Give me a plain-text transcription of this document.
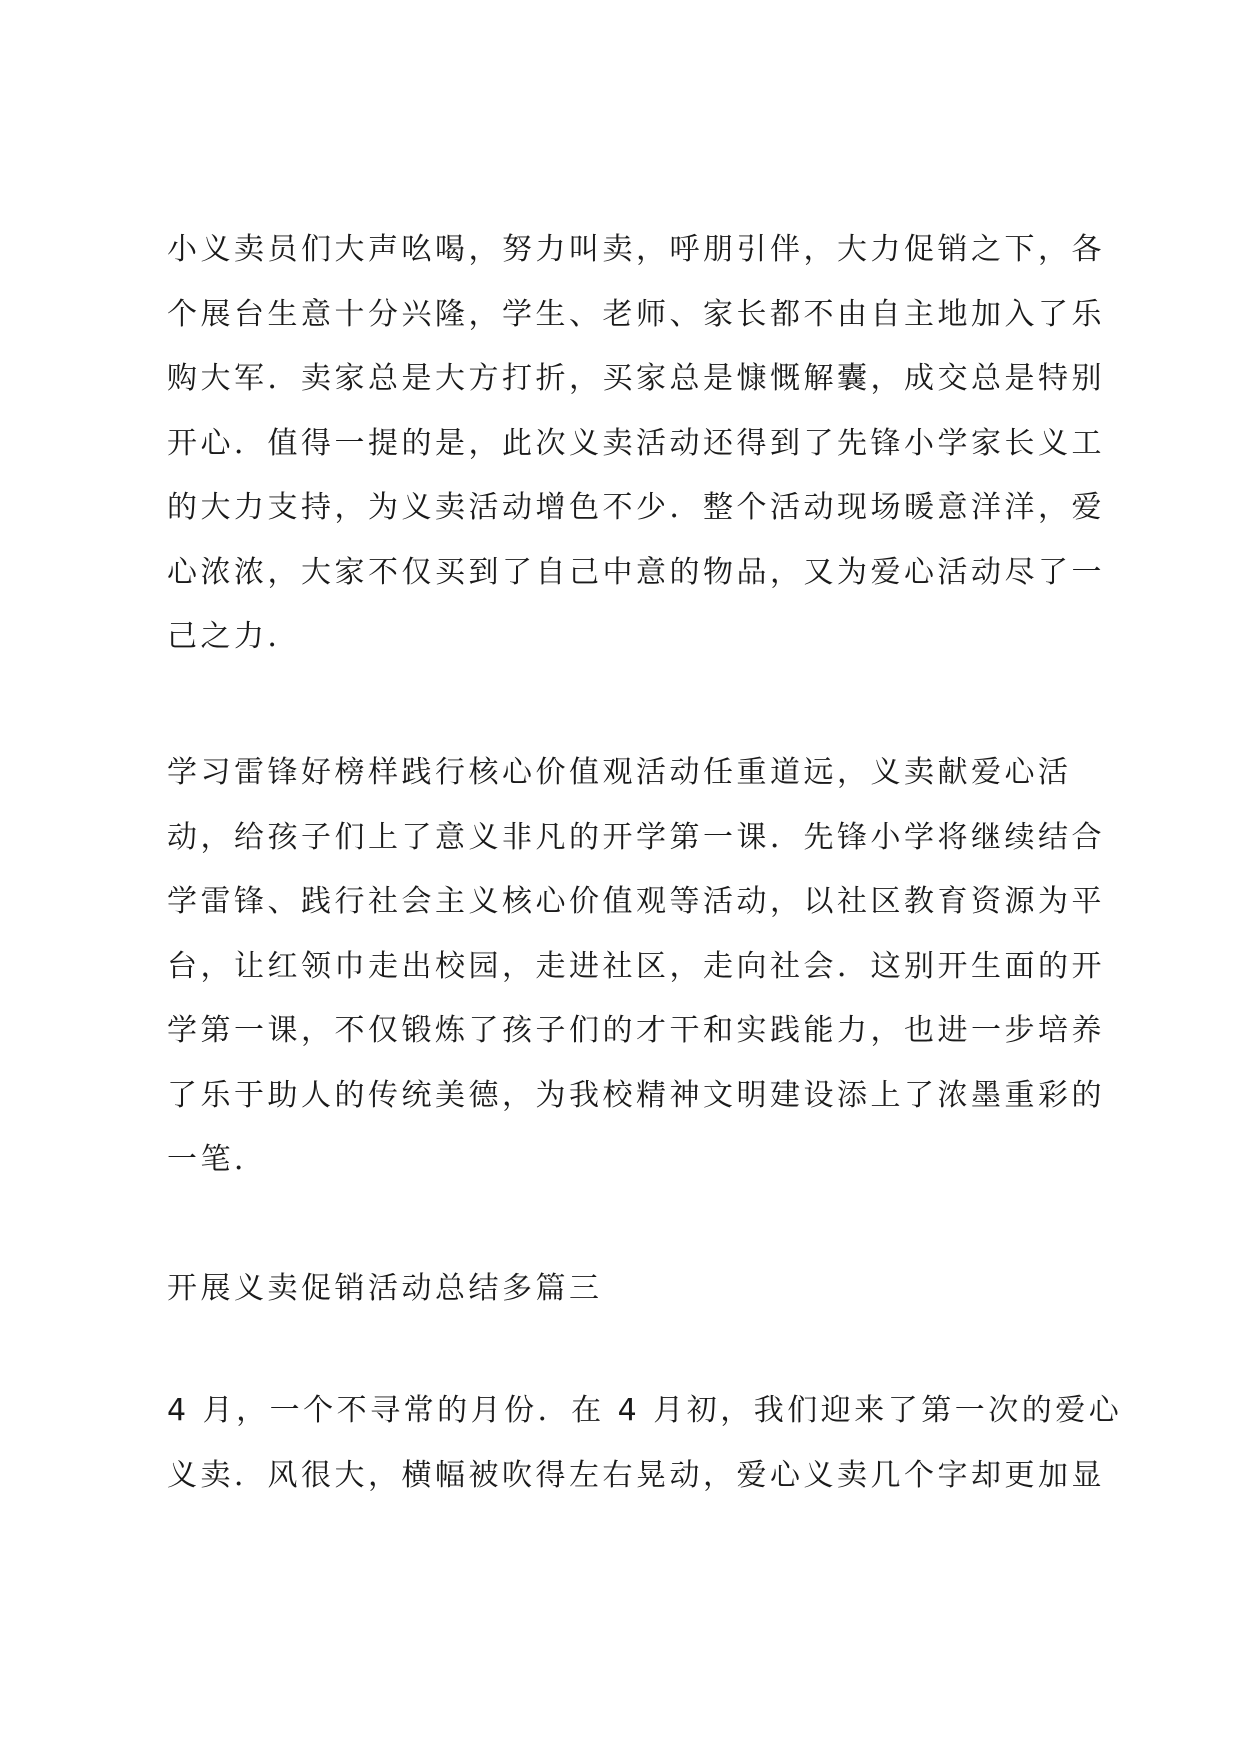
小义卖员们大声吆喝，努力叫卖，呼朋引伴，大力促销之下，各
个展台生意十分兴隆，学生、老师、家长都不由自主地加入了乐
购大军．卖家总是大方打折，买家总是慷慨解囊，成交总是特别
开心．值得一提的是，此次义卖活动还得到了先锋小学家长义工
的大力支持，为义卖活动增色不少．整个活动现场暖意洋洋，爱
心浓浓，大家不仅买到了自己中意的物品，又为爱心活动尽了一
己之力．
学习雷锋好榜样践行核心价值观活动任重道远，义卖献爱心活
动，给孩子们上了意义非凡的开学第一课．先锋小学将继续结合
学雷锋、践行社会主义核心价值观等活动，以社区教育资源为平
台，让红领巾走出校园，走进社区，走向社会．这别开生面的开
学第一课，不仅锻炼了孩子们的才干和实践能力，也进一步培养
了乐于助人的传统美德，为我校精神文明建设添上了浓墨重彩的
一笔．
开展义卖促销活动总结多篇三
4 月，一个不寻常的月份．在 4 月初，我们迎来了第一次的爱心
义卖．风很大，横幅被吹得左右晃动，爱心义卖几个字却更加显
